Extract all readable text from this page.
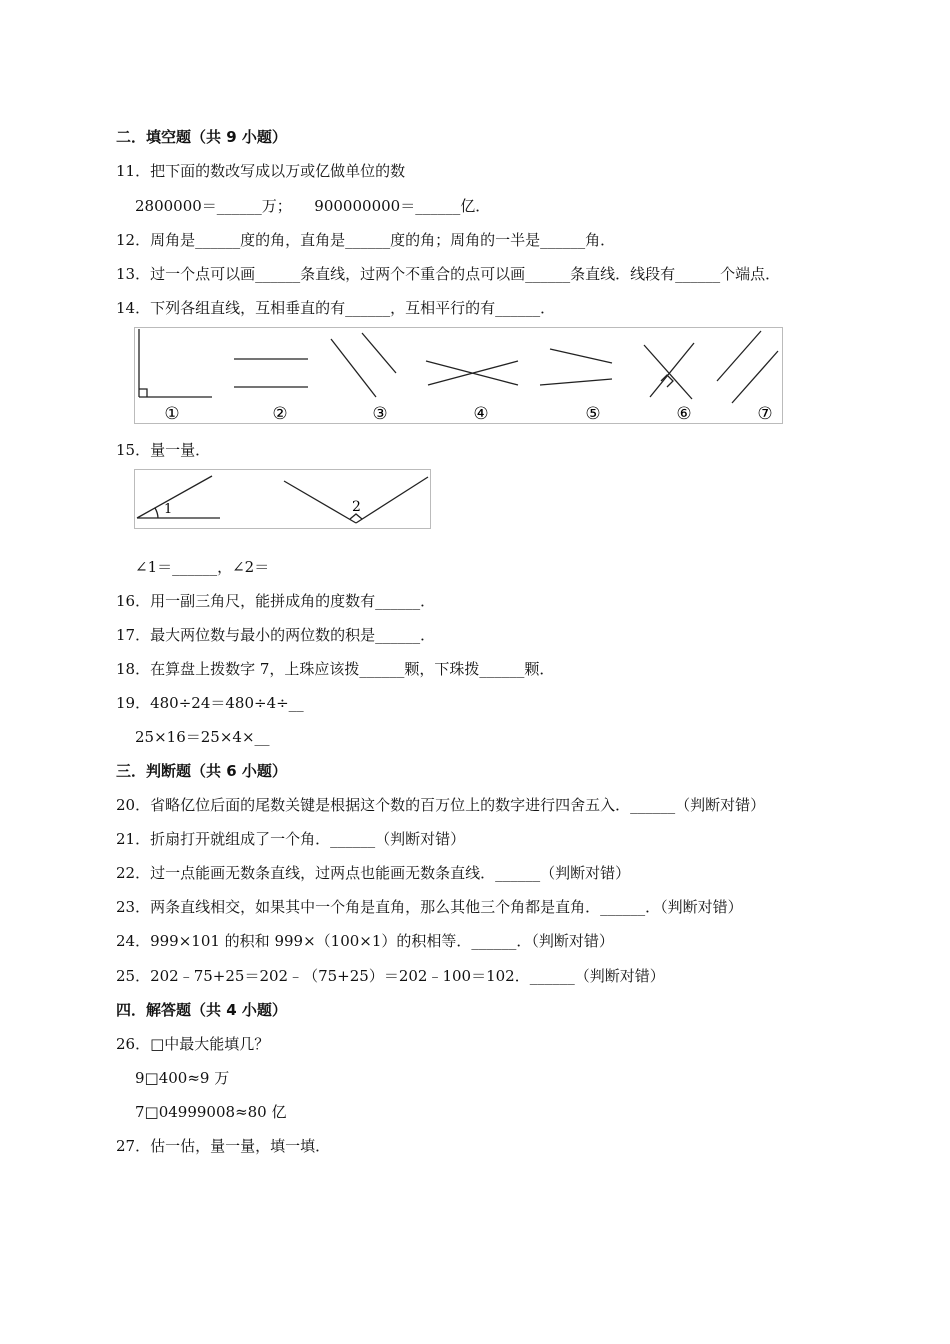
二．填空题（共 9 小题）
11．把下面的数改写成以万或亿做单位的数
2800000＝______万；　　900000000＝______亿．
12．周角是______度的角，直角是______度的角；周角的一半是______角．
13．过一个点可以画______条直线，过两个不重合的点可以画______条直线．线段有______个端点．
14．下列各组直线，互相垂直的有______，互相平行的有______．
①	②	③	④	⑤	⑥	⑦
15．量一量．
1	2
∠1＝______，∠2＝
16．用一副三角尺，能拼成角的度数有______．
17．最大两位数与最小的两位数的积是______．
18．在算盘上拨数字 7，上珠应该拨______颗，下珠拨______颗．
19．480÷24＝480÷4÷__
25×16＝25×4×__
三．判断题（共 6 小题）
20．省略亿位后面的尾数关键是根据这个数的百万位上的数字进行四舍五入．______（判断对错）
21．折扇打开就组成了一个角．______（判断对错）
22．过一点能画无数条直线，过两点也能画无数条直线．______（判断对错）
23．两条直线相交，如果其中一个角是直角，那么其他三个角都是直角．______．（判断对错）
24．999×101 的积和 999×（100×1）的积相等．______．（判断对错）
25．202﹣75+25＝202﹣（75+25）＝202﹣100＝102．______（判断对错）
四．解答题（共 4 小题）
26．□中最大能填几？
9□400≈9 万
7□04999008≈80 亿
27．估一估，量一量，填一填．
